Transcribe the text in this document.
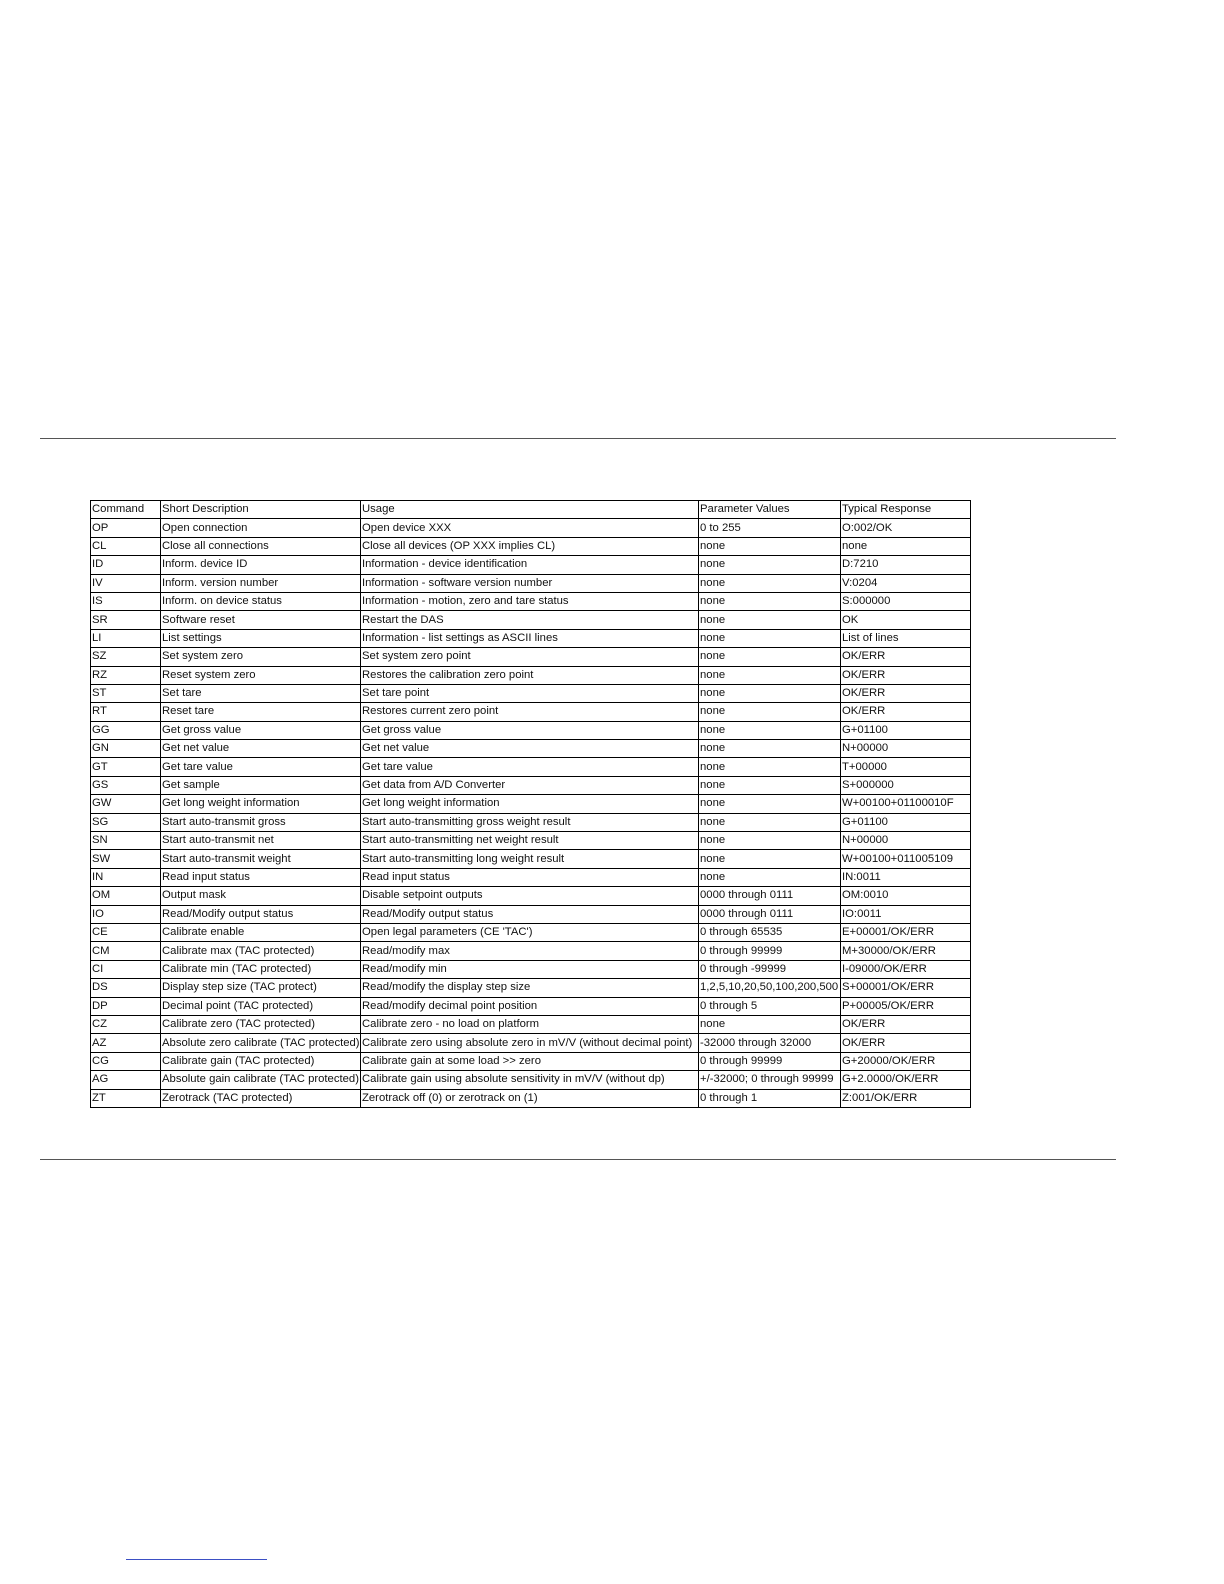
Command	Short Description	Usage	Parameter Values	Typical Response
OP	Open connection	Open device XXX	0 to 255	O:002/OK
CL	Close all connections	Close all devices (OP XXX implies CL)	none	none
ID	Inform. device ID	Information - device identification	none	D:7210
IV	Inform. version number	Information - software version number	none	V:0204
IS	Inform. on device status	Information - motion, zero and tare status	none	S:000000
SR	Software reset	Restart the DAS	none	OK
LI	List settings	Information - list settings as ASCII lines	none	List of lines
SZ	Set system zero	Set system zero point	none	OK/ERR
RZ	Reset system zero	Restores the calibration zero point	none	OK/ERR
ST	Set tare	Set tare point	none	OK/ERR
RT	Reset tare	Restores current zero point	none	OK/ERR
GG	Get gross value	Get gross value	none	G+01100
GN	Get net value	Get net value	none	N+00000
GT	Get tare value	Get tare value	none	T+00000
GS	Get sample	Get data from A/D Converter	none	S+000000
GW	Get long weight information	Get long weight information	none	W+00100+01100010F
SG	Start auto-transmit gross	Start auto-transmitting gross weight result	none	G+01100
SN	Start auto-transmit net	Start auto-transmitting net weight result	none	N+00000
SW	Start auto-transmit weight	Start auto-transmitting long weight result	none	W+00100+011005109
IN	Read input status	Read input status	none	IN:0011
OM	Output mask	Disable setpoint outputs	0000 through 0111	OM:0010
IO	Read/Modify output status	Read/Modify output status	0000 through 0111	IO:0011
CE	Calibrate enable	Open legal parameters (CE 'TAC')	0 through 65535	E+00001/OK/ERR
CM	Calibrate max (TAC protected)	Read/modify max	0 through 99999	M+30000/OK/ERR
CI	Calibrate min (TAC protected)	Read/modify min	0 through -99999	I-09000/OK/ERR
DS	Display step size (TAC protect)	Read/modify the display step size	1,2,5,10,20,50,100,200,500	S+00001/OK/ERR
DP	Decimal point (TAC protected)	Read/modify decimal point position	0 through 5	P+00005/OK/ERR
CZ	Calibrate zero (TAC protected)	Calibrate zero - no load on platform	none	OK/ERR
AZ	Absolute zero calibrate (TAC protected)	Calibrate zero using absolute zero in mV/V (without decimal point)	-32000 through 32000	OK/ERR
CG	Calibrate gain (TAC protected)	Calibrate gain at some load >> zero	0 through 99999	G+20000/OK/ERR
AG	Absolute gain calibrate (TAC protected)	Calibrate gain using absolute sensitivity in mV/V (without dp)	+/-32000; 0 through 99999	G+2.0000/OK/ERR
ZT	Zerotrack (TAC protected)	Zerotrack off (0) or zerotrack on (1)	0 through 1	Z:001/OK/ERR
